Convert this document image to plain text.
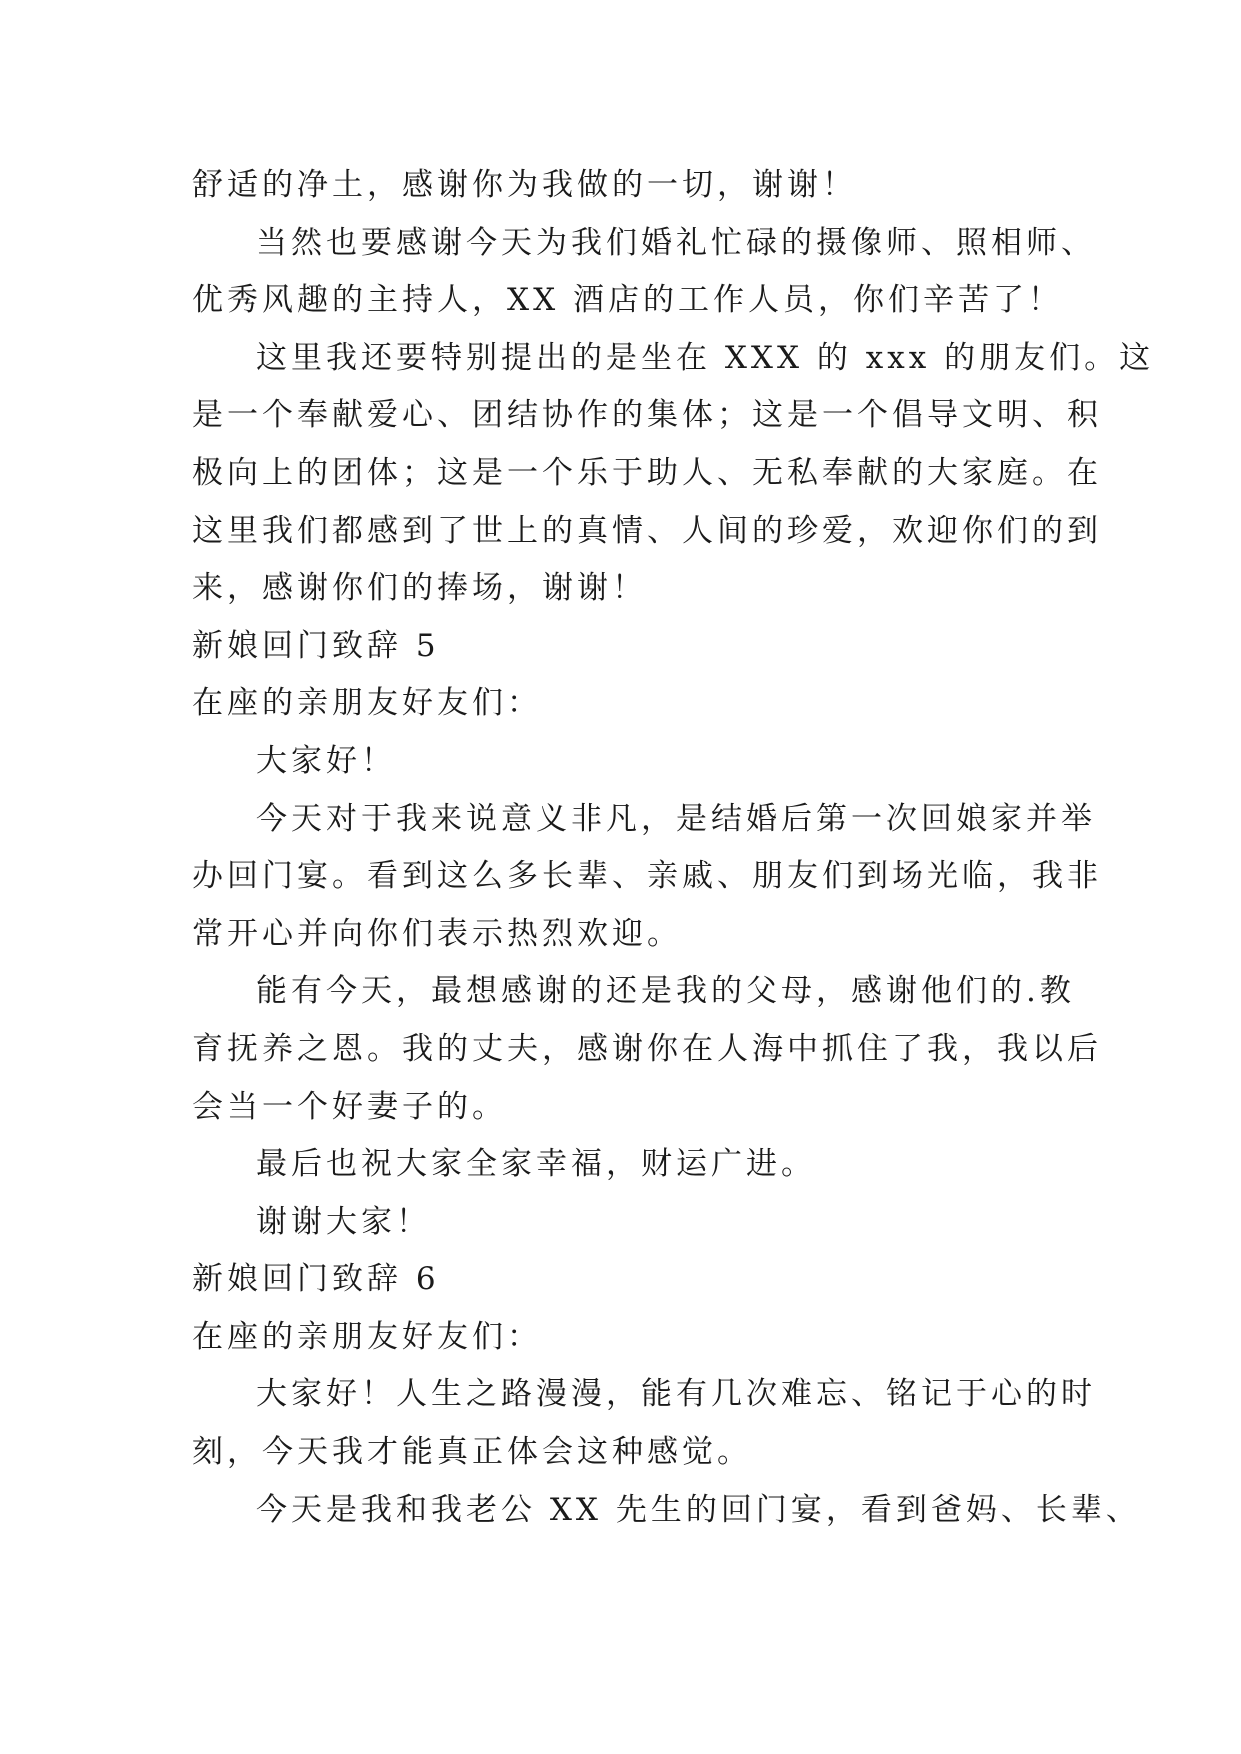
舒适的净土，感谢你为我做的一切，谢谢！
当然也要感谢今天为我们婚礼忙碌的摄像师、照相师、
优秀风趣的主持人，XX 酒店的工作人员，你们辛苦了！
这里我还要特别提出的是坐在 XXX 的 xxx 的朋友们。这
是一个奉献爱心、团结协作的集体；这是一个倡导文明、积
极向上的团体；这是一个乐于助人、无私奉献的大家庭。在
这里我们都感到了世上的真情、人间的珍爱，欢迎你们的到
来，感谢你们的捧场，谢谢！
新娘回门致辞 5
在座的亲朋友好友们：
大家好！
今天对于我来说意义非凡，是结婚后第一次回娘家并举
办回门宴。看到这么多长辈、亲戚、朋友们到场光临，我非
常开心并向你们表示热烈欢迎。
能有今天，最想感谢的还是我的父母，感谢他们的.教
育抚养之恩。我的丈夫，感谢你在人海中抓住了我，我以后
会当一个好妻子的。
最后也祝大家全家幸福，财运广进。
谢谢大家！
新娘回门致辞 6
在座的亲朋友好友们：
大家好！人生之路漫漫，能有几次难忘、铭记于心的时
刻，今天我才能真正体会这种感觉。
今天是我和我老公 XX 先生的回门宴，看到爸妈、长辈、
